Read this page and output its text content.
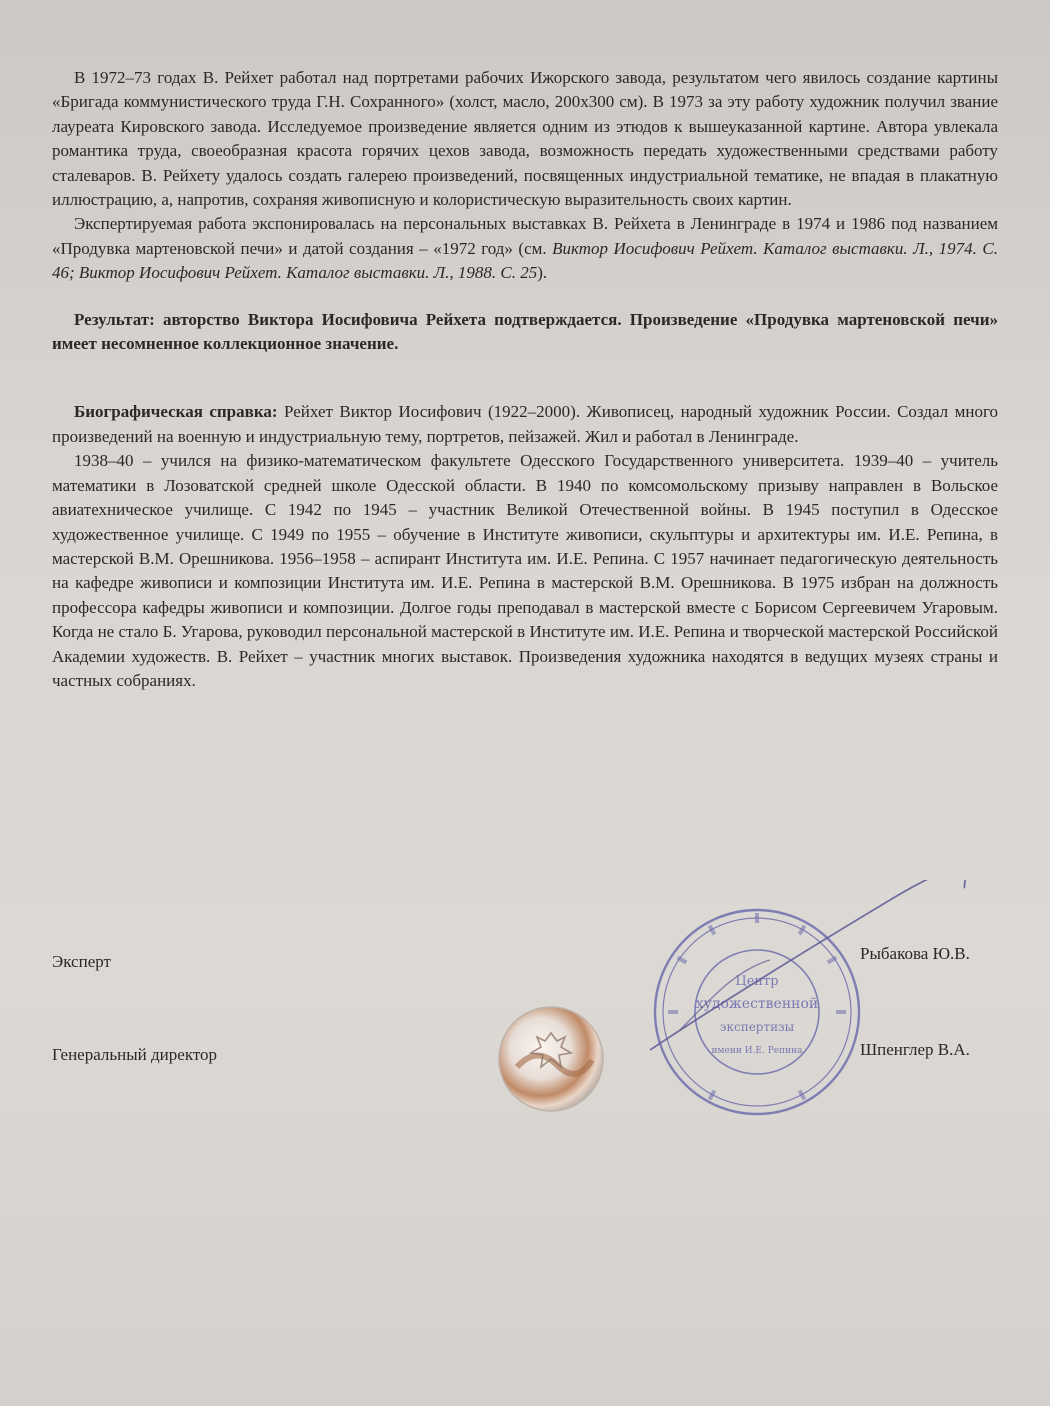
В 1972–73 годах В. Рейхет работал над портретами рабочих Ижорского завода, результатом чего явилось создание картины «Бригада коммунистического труда Г.Н. Сохранного» (холст, масло, 200х300 см). В 1973 за эту работу художник получил звание лауреата Кировского завода. Исследуемое произведение является одним из этюдов к вышеуказанной картине. Автора увлекала романтика труда, своеобразная красота горячих цехов завода, возможность передать художественными средствами работу сталеваров. В. Рейхету удалось создать галерею произведений, посвященных индустриальной тематике, не впадая в плакатную иллюстрацию, а, напротив, сохраняя живописную и колористическую выразительность своих картин.

Экспертируемая работа экспонировалась на персональных выставках В. Рейхета в Ленинграде в 1974 и 1986 под названием «Продувка мартеновской печи» и датой создания – «1972 год» (см. Виктор Иосифович Рейхет. Каталог выставки. Л., 1974. С. 46; Виктор Иосифович Рейхет. Каталог выставки. Л., 1988. С. 25).

Результат: авторство Виктора Иосифовича Рейхета подтверждается. Произведение «Продувка мартеновской печи» имеет несомненное коллекционное значение.

Биографическая справка: Рейхет Виктор Иосифович (1922–2000). Живописец, народный художник России. Создал много произведений на военную и индустриальную тему, портретов, пейзажей. Жил и работал в Ленинграде.

1938–40 – учился на физико-математическом факультете Одесского Государственного университета. 1939–40 – учитель математики в Лозоватской средней школе Одесской области. В 1940 по комсомольскому призыву направлен в Вольское авиатехническое училище. С 1942 по 1945 – участник Великой Отечественной войны. В 1945 поступил в Одесское художественное училище. С 1949 по 1955 – обучение в Институте живописи, скульптуры и архитектуры им. И.Е. Репина, в мастерской В.М. Орешникова. 1956–1958 – аспирант Института им. И.Е. Репина. С 1957 начинает педагогическую деятельность на кафедре живописи и композиции Института им. И.Е. Репина в мастерской В.М. Орешникова. В 1975 избран на должность профессора кафедры живописи и композиции. Долгое годы преподавал в мастерской вместе с Борисом Сергеевичем Угаровым. Когда не стало Б. Угарова, руководил персональной мастерской в Институте им. И.Е. Репина и творческой мастерской Российской Академии художеств. В. Рейхет – участник многих выставок. Произведения художника находятся в ведущих музеях страны и частных собраниях.

Эксперт
Генеральный директор
Рыбакова Ю.В.
Шпенглер В.А.
Центр
художественной
экспертизы
имени И.Е. Репина
